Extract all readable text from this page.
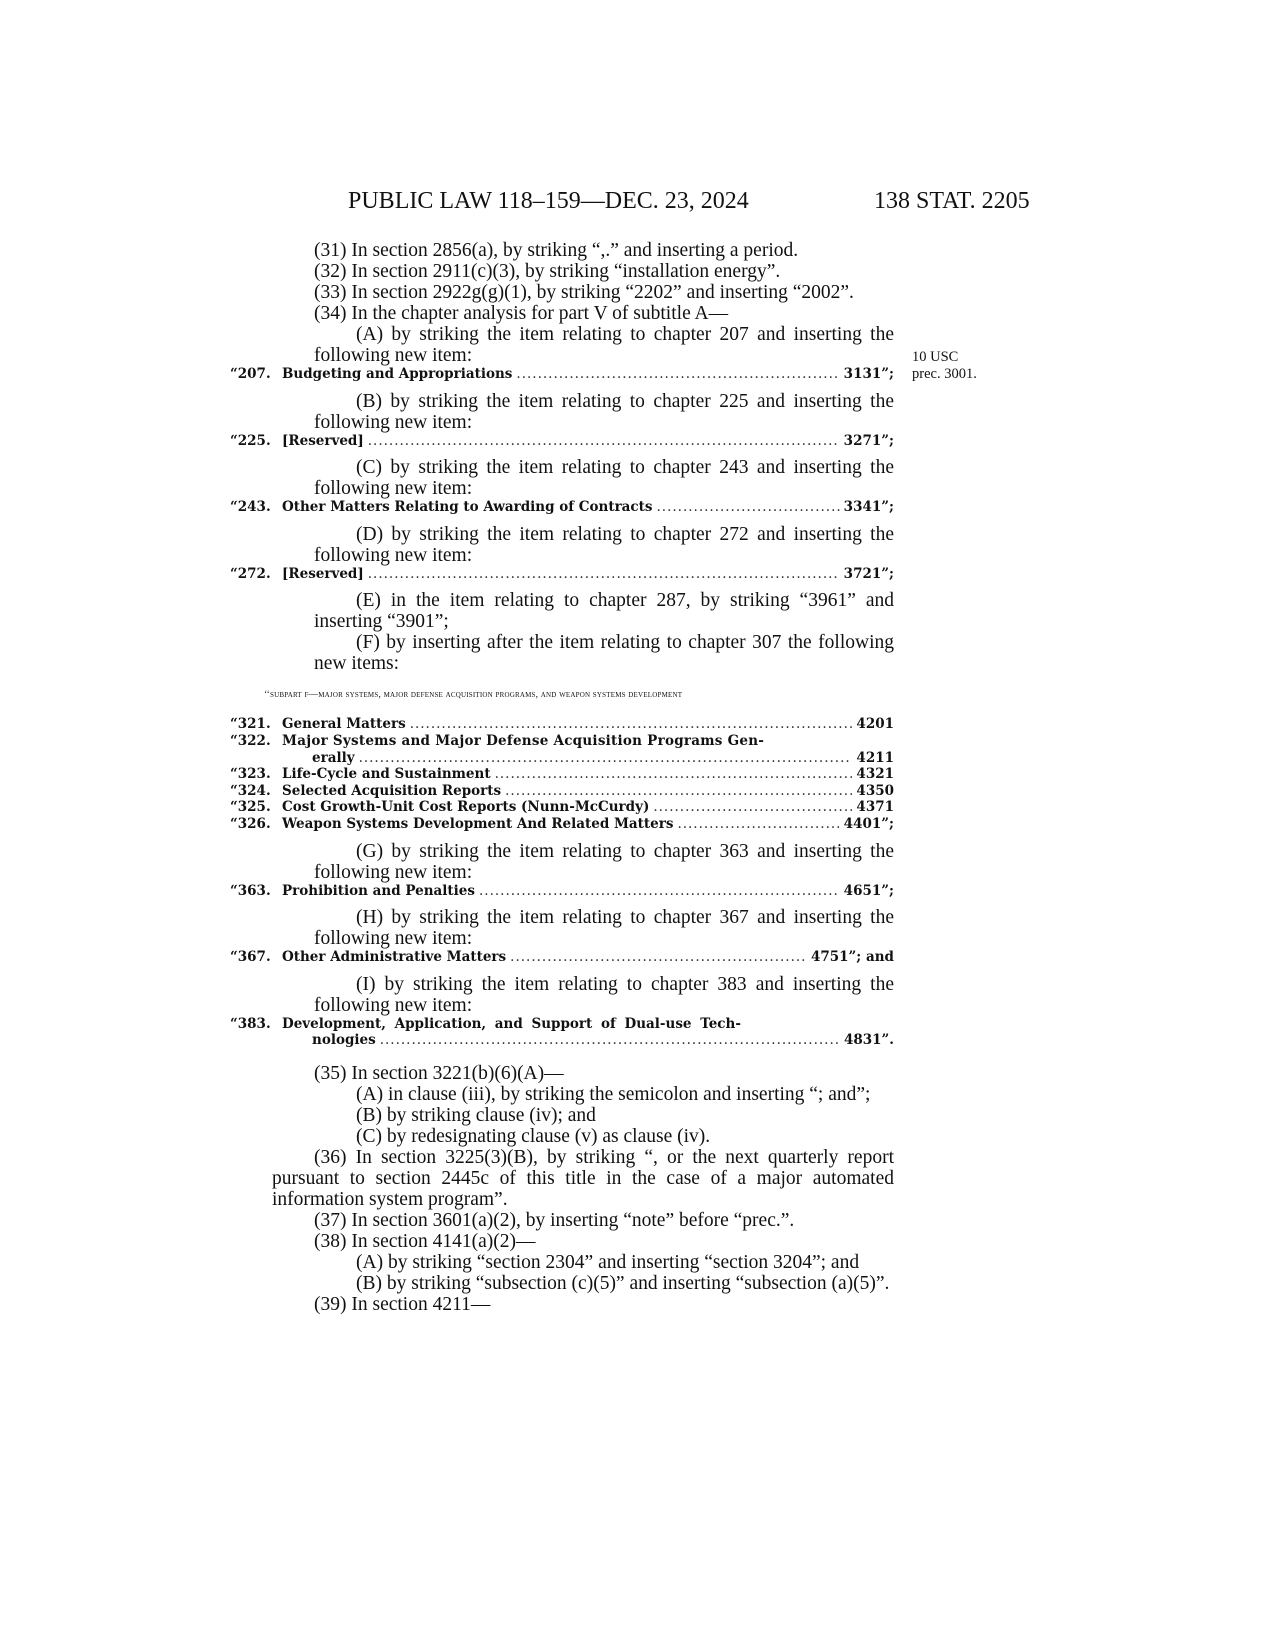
PUBLIC LAW 118–159—DEC. 23, 2024	138 STAT. 2205
10 USC
prec. 3001.

(31) In section 2856(a), by striking “,.” and inserting a period.

(32) In section 2911(c)(3), by striking “installation energy”.

(33) In section 2922g(g)(1), by striking “2202” and inserting “2002”.

(34) In the chapter analysis for part V of subtitle A—

(A) by striking the item relating to chapter 207 and inserting the following new item:

“207. Budgeting and Appropriations .....	3131”;

(B) by striking the item relating to chapter 225 and inserting the following new item:

“225. [Reserved] .....	3271”;

(C) by striking the item relating to chapter 243 and inserting the following new item:

“243. Other Matters Relating to Awarding of Contracts .....	3341”;

(D) by striking the item relating to chapter 272 and inserting the following new item:

“272. [Reserved] .....	3721”;

(E) in the item relating to chapter 287, by striking “3961” and inserting “3901”;

(F) by inserting after the item relating to chapter 307 the following new items:

‘‘subpart f—major systems, major defense acquisition programs, and weapon systems development
“321. General Matters .....	4201
“322. Major Systems and Major Defense Acquisition Programs Gen-
erally .....	4211
“323. Life-Cycle and Sustainment .....	4321
“324. Selected Acquisition Reports .....	4350
“325. Cost Growth-Unit Cost Reports (Nunn-McCurdy) .....	4371
“326. Weapon Systems Development And Related Matters .....	4401”;

(G) by striking the item relating to chapter 363 and inserting the following new item:

“363. Prohibition and Penalties .....	4651”;

(H) by striking the item relating to chapter 367 and inserting the following new item:

“367. Other Administrative Matters .....	4751”; and

(I) by striking the item relating to chapter 383 and inserting the following new item:

“383. Development, Application, and Support of Dual-use Tech-
nologies .....	4831”.

(35) In section 3221(b)(6)(A)—

(A) in clause (iii), by striking the semicolon and inserting “; and”;

(B) by striking clause (iv); and

(C) by redesignating clause (v) as clause (iv).

(36) In section 3225(3)(B), by striking “, or the next quarterly report pursuant to section 2445c of this title in the case of a major automated information system program”.

(37) In section 3601(a)(2), by inserting “note” before “prec.”.

(38) In section 4141(a)(2)—

(A) by striking “section 2304” and inserting “section 3204”; and

(B) by striking “subsection (c)(5)” and inserting “subsection (a)(5)”.

(39) In section 4211—
